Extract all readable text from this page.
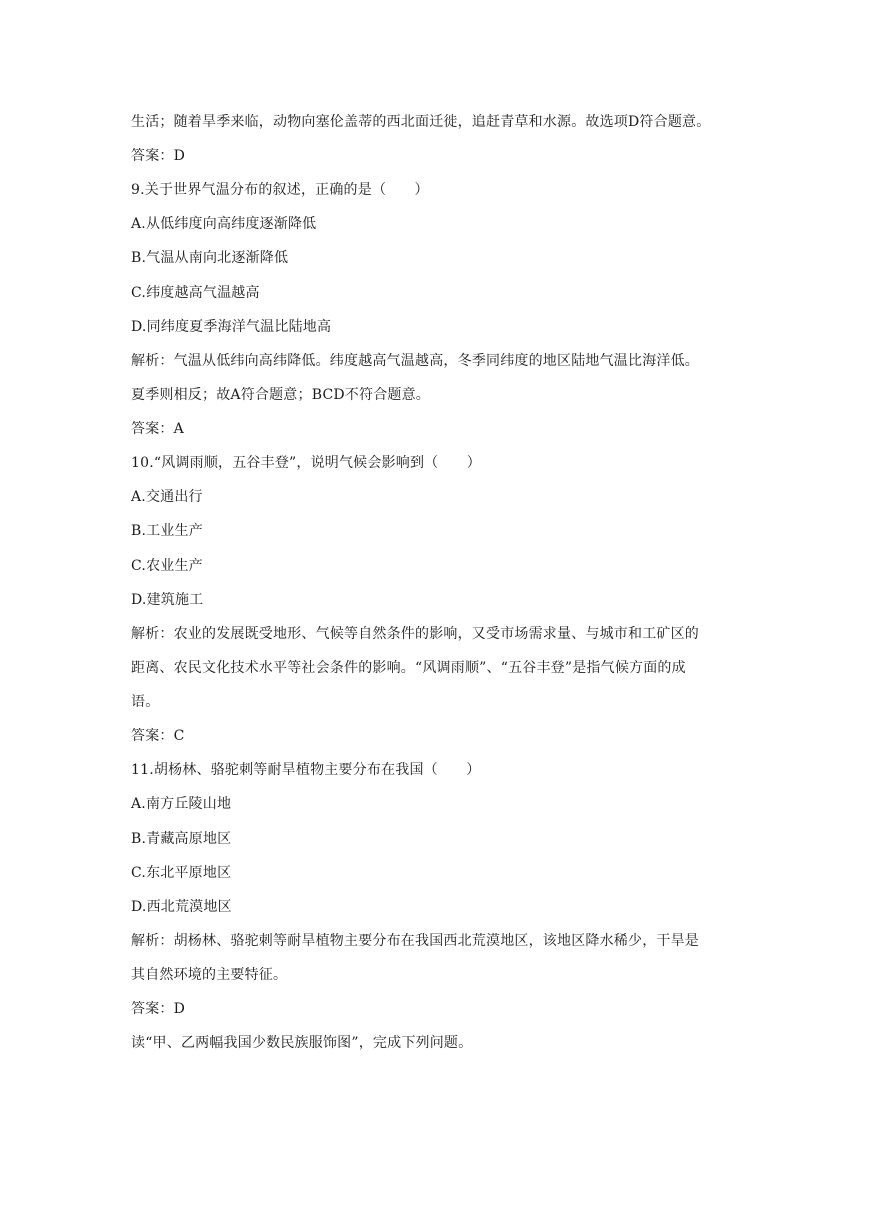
生活；随着旱季来临，动物向塞伦盖蒂的西北面迁徙，追赶青草和水源。故选项D符合题意。
答案：D
9.关于世界气温分布的叙述，正确的是（　　）
A.从低纬度向高纬度逐渐降低
B.气温从南向北逐渐降低
C.纬度越高气温越高
D.同纬度夏季海洋气温比陆地高
解析：气温从低纬向高纬降低。纬度越高气温越高，冬季同纬度的地区陆地气温比海洋低。
夏季则相反；故A符合题意；BCD不符合题意。
答案：A
10.“风调雨顺，五谷丰登”，说明气候会影响到（　　）
A.交通出行
B.工业生产
C.农业生产
D.建筑施工
解析：农业的发展既受地形、气候等自然条件的影响，又受市场需求量、与城市和工矿区的
距离、农民文化技术水平等社会条件的影响。“风调雨顺”、“五谷丰登”是指气候方面的成
语。
答案：C
11.胡杨林、骆驼刺等耐旱植物主要分布在我国（　　）
A.南方丘陵山地
B.青藏高原地区
C.东北平原地区
D.西北荒漠地区
解析：胡杨林、骆驼刺等耐旱植物主要分布在我国西北荒漠地区，该地区降水稀少，干旱是
其自然环境的主要特征。
答案：D
读“甲、乙两幅我国少数民族服饰图”，完成下列问题。
